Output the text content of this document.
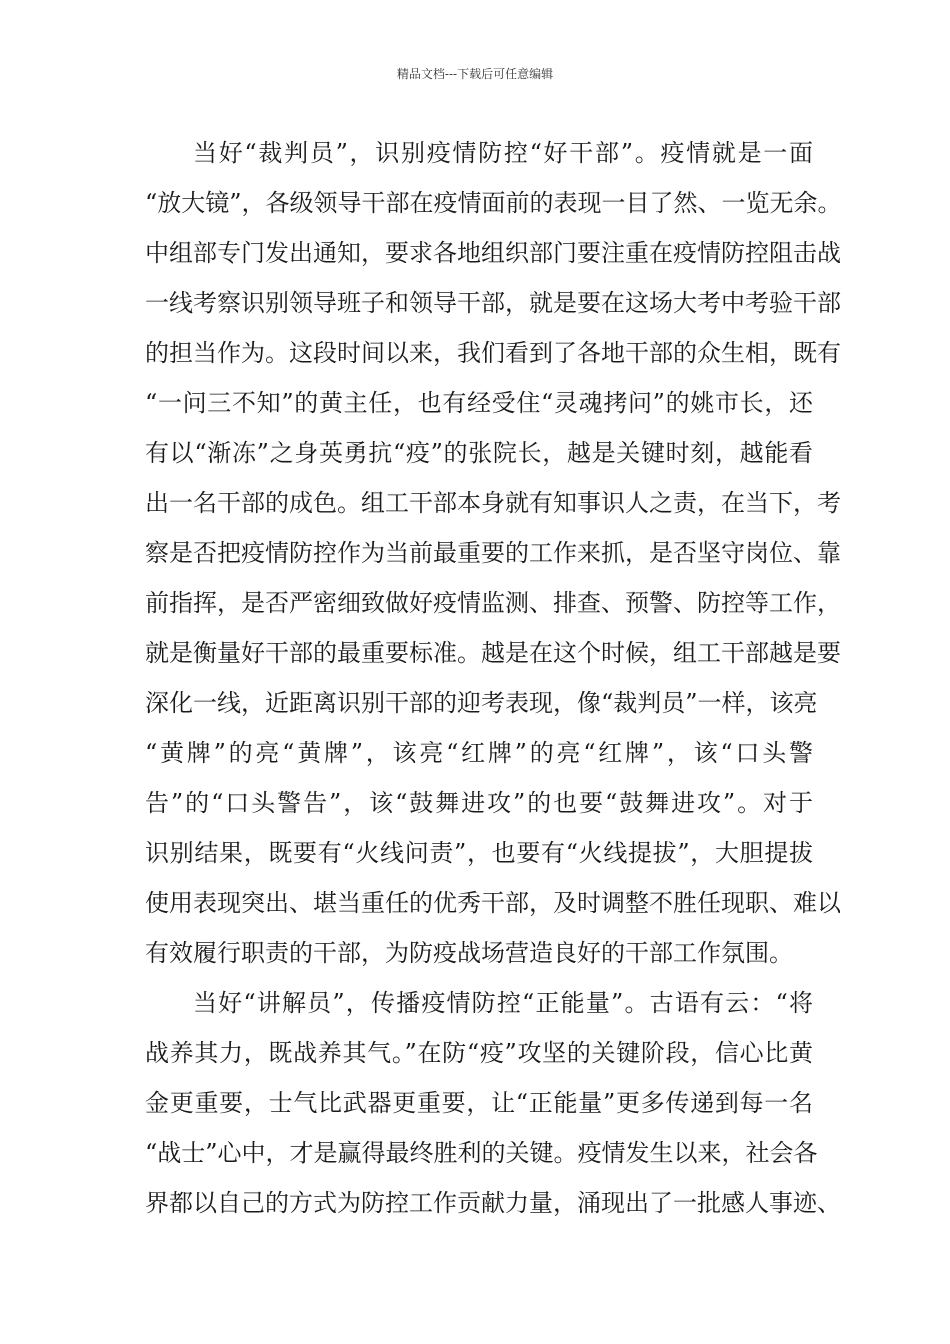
精品文档---下载后可任意编辑
当好“裁判员”，识别疫情防控“好干部”。疫情就是一面
“放大镜”，各级领导干部在疫情面前的表现一目了然、一览无余。
中组部专门发出通知，要求各地组织部门要注重在疫情防控阻击战
一线考察识别领导班子和领导干部，就是要在这场大考中考验干部
的担当作为。这段时间以来，我们看到了各地干部的众生相，既有
“一问三不知”的黄主任，也有经受住“灵魂拷问”的姚市长，还
有以“渐冻”之身英勇抗“疫”的张院长，越是关键时刻，越能看
出一名干部的成色。组工干部本身就有知事识人之责，在当下，考
察是否把疫情防控作为当前最重要的工作来抓，是否坚守岗位、靠
前指挥，是否严密细致做好疫情监测、排查、预警、防控等工作，
就是衡量好干部的最重要标准。越是在这个时候，组工干部越是要
深化一线，近距离识别干部的迎考表现，像“裁判员”一样，该亮
“黄牌”的亮“黄牌”，该亮“红牌”的亮“红牌”，该“口头警
告”的“口头警告”，该“鼓舞进攻”的也要“鼓舞进攻”。对于
识别结果，既要有“火线问责”，也要有“火线提拔”，大胆提拔
使用表现突出、堪当重任的优秀干部，及时调整不胜任现职、难以
有效履行职责的干部，为防疫战场营造良好的干部工作氛围。
当好“讲解员”，传播疫情防控“正能量”。古语有云：“将
战养其力，既战养其气。”在防“疫”攻坚的关键阶段，信心比黄
金更重要，士气比武器更重要，让“正能量”更多传递到每一名
“战士”心中，才是赢得最终胜利的关键。疫情发生以来，社会各
界都以自己的方式为防控工作贡献力量，涌现出了一批感人事迹、
